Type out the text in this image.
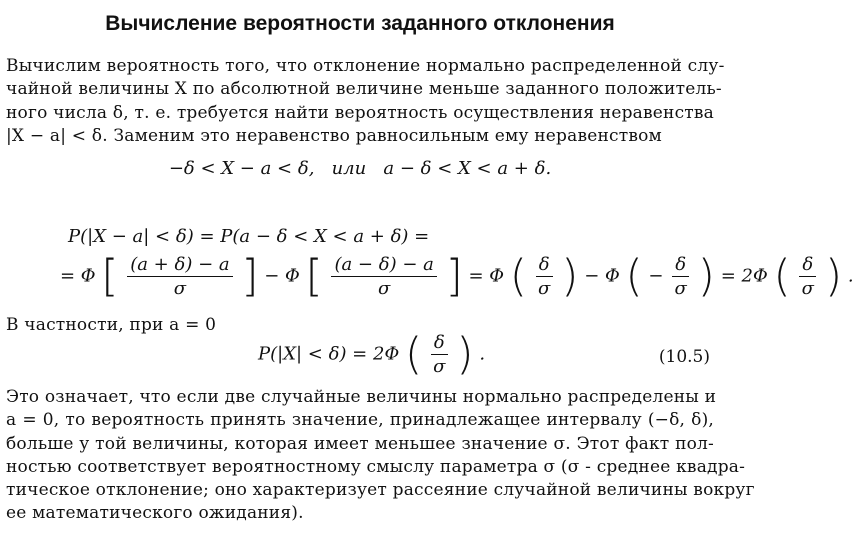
Вычисление вероятности заданного отклонения
Вычислим вероятность того, что отклонение нормально распределенной слу-
чайной величины X по абсолютной величине меньше заданного положитель-
ного числа δ, т. е. требуется найти вероятность осуществления неравенства
|X − a| < δ. Заменим это неравенство равносильным ему неравенством
−δ < X − a < δ,   или   a − δ < X < a + δ.
P(|X − a| < δ) = P(a − δ < X < a + δ) =
= Φ [ $\frac{(a + \delta) - a}{\sigma}$ ] − Φ [ $\frac{(a - \delta) - a}{\sigma}$ ] = Φ ( $\frac{\delta}{\sigma}$ ) − Φ ( − $\frac{\delta}{\sigma}$ ) = 2Φ ( $\frac{\delta}{\sigma}$ ) .
В частности, при a = 0
P(|X| < δ) = 2Φ ( $\frac{\delta}{\sigma}$ ) .	(10.5)
Это означает, что если две случайные величины нормально распределены и
a = 0, то вероятность принять значение, принадлежащее интервалу (−δ, δ),
больше у той величины, которая имеет меньшее значение σ. Этот факт пол-
ностью соответствует вероятностному смыслу параметра σ (σ - среднее квадра-
тическое отклонение; оно характеризует рассеяние случайной величины вокруг
ее математического ожидания).
